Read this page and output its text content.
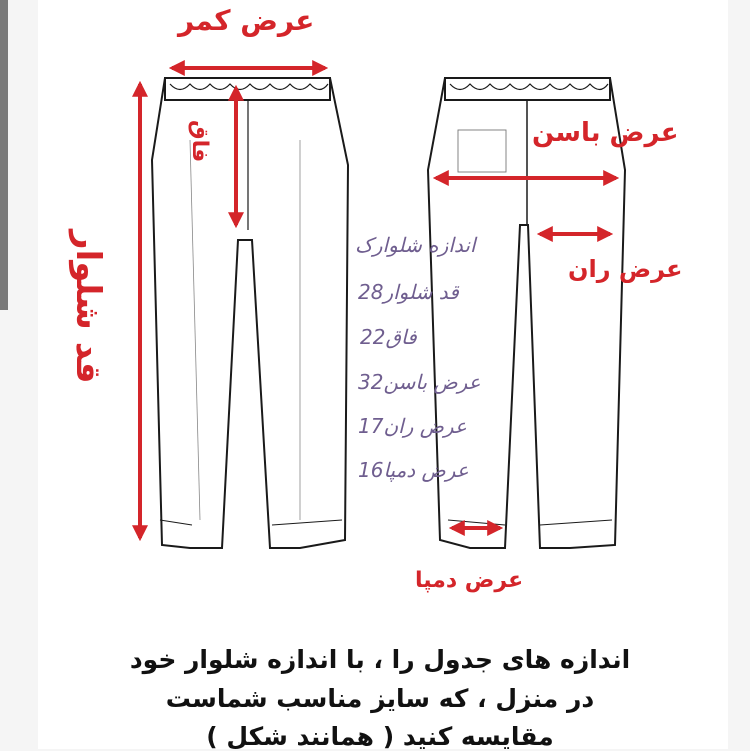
عرض کمر
فاق
قد شلوار
عرض باسن
عرض ران
عرض دمپا
اندازه شلوارک
قد شلوار28
فاق22
عرض باسن32
عرض ران17
عرض دمپا16
اندازه های جدول را ، با اندازه شلوار خود
در منزل ، که سایز مناسب شماست
مقایسه کنید ( همانند شکل )
